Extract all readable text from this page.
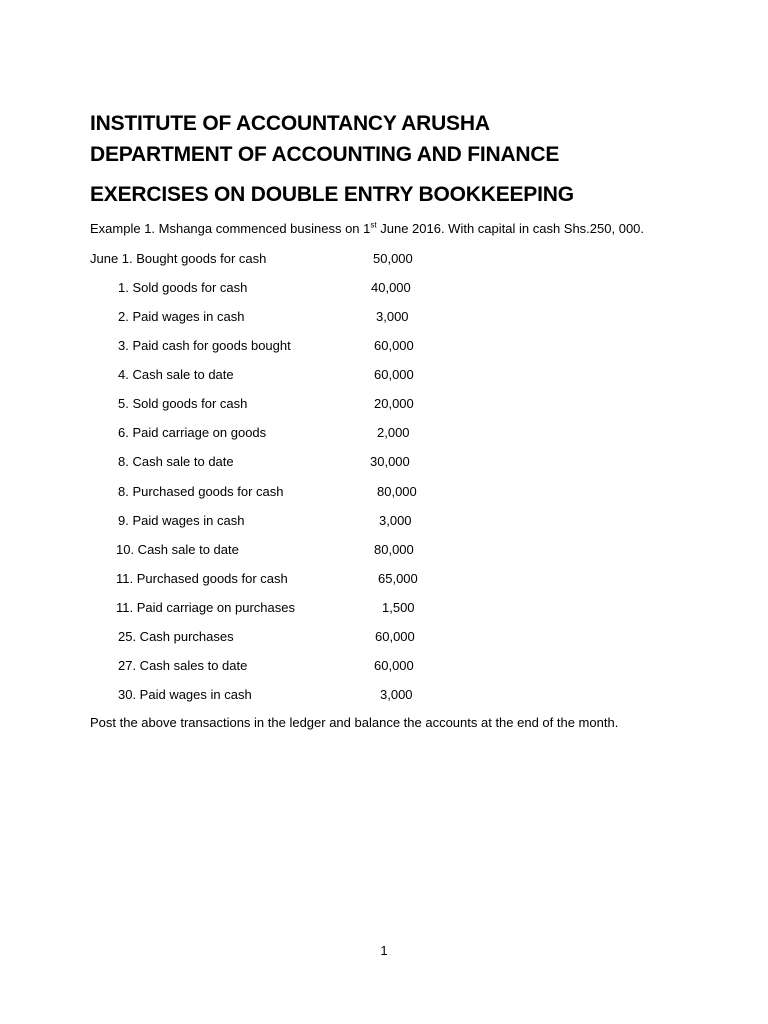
INSTITUTE OF ACCOUNTANCY ARUSHA
DEPARTMENT OF ACCOUNTING AND FINANCE
EXERCISES ON DOUBLE ENTRY BOOKKEEPING
Example 1. Mshanga commenced business on 1st June 2016. With capital in cash Shs.250, 000.
June 1. Bought goods for cash	50,000
1. Sold goods for cash	40,000
2. Paid wages in cash	3,000
3. Paid cash for goods bought	60,000
4. Cash sale to date	60,000
5. Sold goods for cash	20,000
6. Paid carriage on goods	2,000
8. Cash sale to date	30,000
8. Purchased goods for cash	80,000
9. Paid wages in cash	3,000
10. Cash sale to date	80,000
11. Purchased goods for cash	65,000
11. Paid carriage on purchases	1,500
25. Cash purchases	60,000
27. Cash sales to date	60,000
30. Paid wages in cash	3,000
Post the above transactions in the ledger and balance the accounts at the end of the month.
1
